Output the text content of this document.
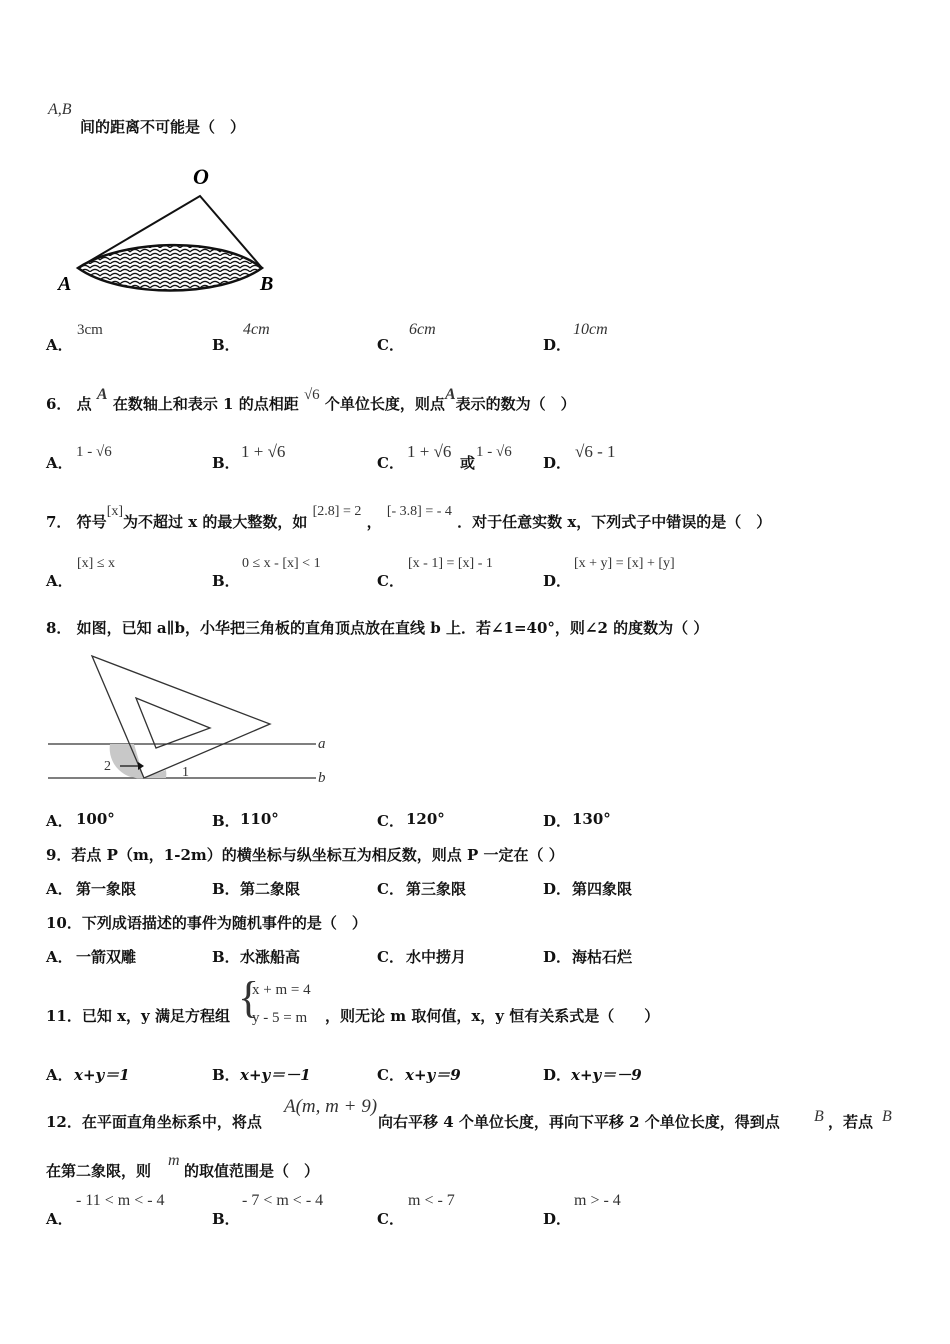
A,B
间的距离不可能是（　）
O
A	B
A．
3cm
B．
4cm
C．
6cm
D．
10cm
6． 点 A 在数轴上和表示 1 的点相距 √6 个单位长度，则点A表示的数为（　）
A．
1 - √6
B．
1 + √6
C．
1 + √6
或
1 - √6
D．
√6 - 1
7． 符号[x]为不超过 x 的最大整数，如 [2.8] = 2 ， [- 3.8] = - 4 ．对于任意实数 x，下列式子中错误的是（　）
A．
[x] ≤ x
B．
0 ≤ x - [x] < 1
C．
[x - 1] = [x] - 1
D．
[x + y] = [x] + [y]
8． 如图，已知 a∥b，小华把三角板的直角顶点放在直线 b 上．若∠1=40°，则∠2 的度数为（ ）
a
b
1
2
A． 100°	B． 110°	C． 120°	D． 130°
9．若点 P（m，1-2m）的横坐标与纵坐标互为相反数，则点 P 一定在（ ）
A． 第一象限	B． 第二象限	C． 第三象限	D． 第四象限
10．下列成语描述的事件为随机事件的是（　）
A． 一箭双雕	B． 水涨船高	C． 水中捞月	D． 海枯石烂
11．已知 x，y 满足方程组 {
x + m = 4
y - 5 = m ，则无论 m 取何值，x，y 恒有关系式是（　　）
A． x+y＝1	B． x+y＝－1	C． x+y＝9	D． x+y＝－9
12．在平面直角坐标系中，将点
A(m, m + 9)
向右平移 4 个单位长度，再向下平移 2 个单位长度，得到点 B ，若点 B
在第二象限，则
m
的取值范围是（　）
A．
- 11 < m < - 4
B．
- 7 < m < - 4
C．
m < - 7
D．
m > - 4
